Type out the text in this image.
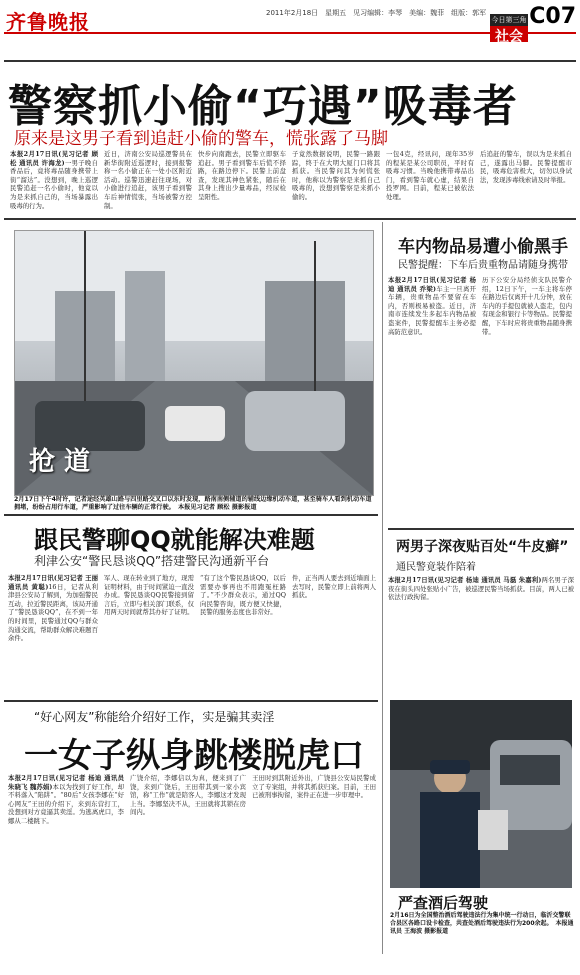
齐鲁晚报	2011年2月18日　星期五　见习编辑：李琴　美编：魏菲　组版：郭军 C07
今日第三角
社会
警察抓小偷“巧遇”吸毒者
原来是这男子看到追赶小偷的警车，慌张露了马脚
本报2月17日讯(见习记者 顾松 通讯员 许海龙)一男子晚自香品后，竟将毒品随身携带上街“溜达”。没想到，晚上巡逻民警追赶一名小偷时，他竟以为是来抓自己的，当场暴露出吸毒的行为。
近日，济南公安局巡逻警员在新华街附近巡逻时，接到报警称一名小偷正在一处小区附近活动。巡警迅速赶往现场，对小偷进行追赶，该男子看到警车后神情慌张，当场被警方控制。
快步向南跑去，民警立即驱车追赶。男子看到警车后慌不择路，在路边停下。民警上前盘查，发现其神色紧张，随后在其身上搜出少量毒品，经尿检呈阳性。
子竟然数据说明，民警一路跟踪，终于在大明大厦门口将其抓获。当民警问其为何慌张时，他称以为警察是来抓自己吸毒的，没想到警察是来抓小偷的。
一包4克，经讯问，现年35岁的程某是某公司职员，平时有吸毒习惯。当晚他携带毒品出门，看到警车就心虚，结果自投罗网。目前，程某已被依法处理。
后追赶的警车，误以为是来抓自己，遂露出马脚。民警提醒市民，吸毒危害极大，切勿以身试法，发现涉毒线索请及时举报。
抢 道
2月17日下午4时许，记者途经英雄山路与四里路交叉口以东时发现，路南南侧辅道的辅线边缘机动车道，甚至骑车人看到机动车道拥堵，纷纷占用行车道，严重影响了过往车辆的正常行驶。　本报见习记者 顾松 摄影报道
车内物品易遭小偷黑手
民警提醒：下车后贵重物品请随身携带
本报2月17日讯(见习记者 杨迪 通讯员 乔梁)车主一旦离开车辆，贵重物品不要留在车内，否则极易被盗。近日，济南市连续发生多起车内物品被盗案件，民警提醒车主务必提高防范意识。
历下公安分局经侦支队民警介绍，12日下午，一车主将车停在路边后仅离开十几分钟，放在车内的手提包就被人盗走，包内有现金和银行卡等物品。民警提醒，下车时应将贵重物品随身携带。
跟民警聊QQ就能解决难题
利津公安“警民恳谈QQ”搭建警民沟通新平台
本报2月17日讯(见习记者 王丽 通讯员 黄聪)16日，记者从利津县公安局了解到，为加强警民互动，拉近警民距离，该局开通了“警民恳谈QQ”，在不到一年的时间里，民警通过QQ与群众沟通交流，帮助群众解决难题百余件。
军人、现在转业到了地方，现需证明材料，由于时间紧迫一直没办成。警民恳谈QQ民警接到留言后，立即与相关部门联系，仅用两天时间就帮其办好了证明。
“有了这个警民恳谈QQ，以后需要办事再也不用跑冤枉路了。”不少群众表示，通过QQ向民警咨询，既方便又快捷，民警的服务态度也非常好。
件，正当两人要去到近墙面上去写时，民警立即上前将两人抓获。
两男子深夜贴百处“牛皮癣”
通民警竟装作陪着
本报2月17日讯(见习记者 杨迪 通讯员 马磊 朱嘉利)两名男子深夜在街头四处张贴小广告，被巡逻民警当场抓获。目前，两人已被依法行政拘留。
“好心网友”称能给介绍好工作，实是骗其卖淫
一女子纵身跳楼脱虎口
本报2月17日讯(见习记者 杨迪 通讯员 朱晓飞 魏苏娟)本以为找到了好工作，却不料落入“陷阱”。“80后”女孩李娜在“好心网友”王田的介绍下，来到东营打工，没想到对方竟逼其卖淫。为逃离虎口，李娜从二楼跳下。
广饶介绍，李娜信以为真，便来到了广饶，来到广饶后，王田带其到一家小宾馆，称“工作”就是陪客人，李娜这才发现上当。李娜坚决不从，王田就将其锁在房间内。
王田时到其附近外出，广饶县公安局民警成立了专案组，并将其抓获归案。目前，王田已被刑事拘留，案件正在进一步审理中。
严查酒后驾驶
2月16日为全国整治酒后驾驶违法行为集中统一行动日，临沂交警联合县区各路口设卡检查，共查处酒后驾驶违法行为200余起。　本报通讯员 王海波 摄影报道
